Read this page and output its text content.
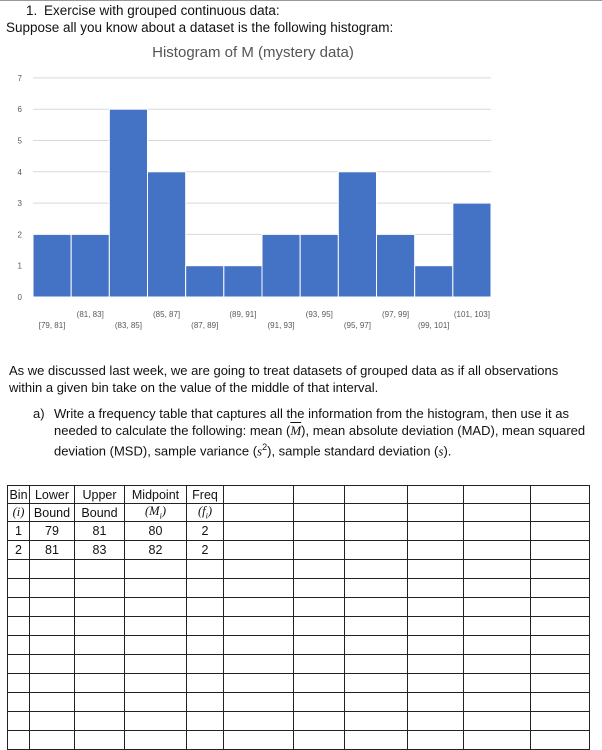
1. Exercise with grouped continuous data:
Suppose all you know about a dataset is the following histogram:
Histogram of M (mystery data)
0
1
2
3
4
5
6
7
[79, 81]
(81, 83]
(83, 85]
(85, 87]
(87, 89]
(89, 91]
(91, 93]
(93, 95]
(95, 97]
(97, 99]
(99, 101]
(101, 103]
As we discussed last week, we are going to treat datasets of grouped data as if all observations within a given bin take on the value of the middle of that interval.
a) Write a frequency table that captures all the information from the histogram, then use it as needed to calculate the following: mean $(\overline{M})$, mean absolute deviation (MAD), mean squared deviation (MSD), sample variance $(s^2)$, sample standard deviation (s).
Bin	Lower	Upper	Midpoint	Freq						
(i)	Bound	Bound	$(M_i)$	$(f_i)$						
1	79	81	80	2						
2	81	83	82	2						
